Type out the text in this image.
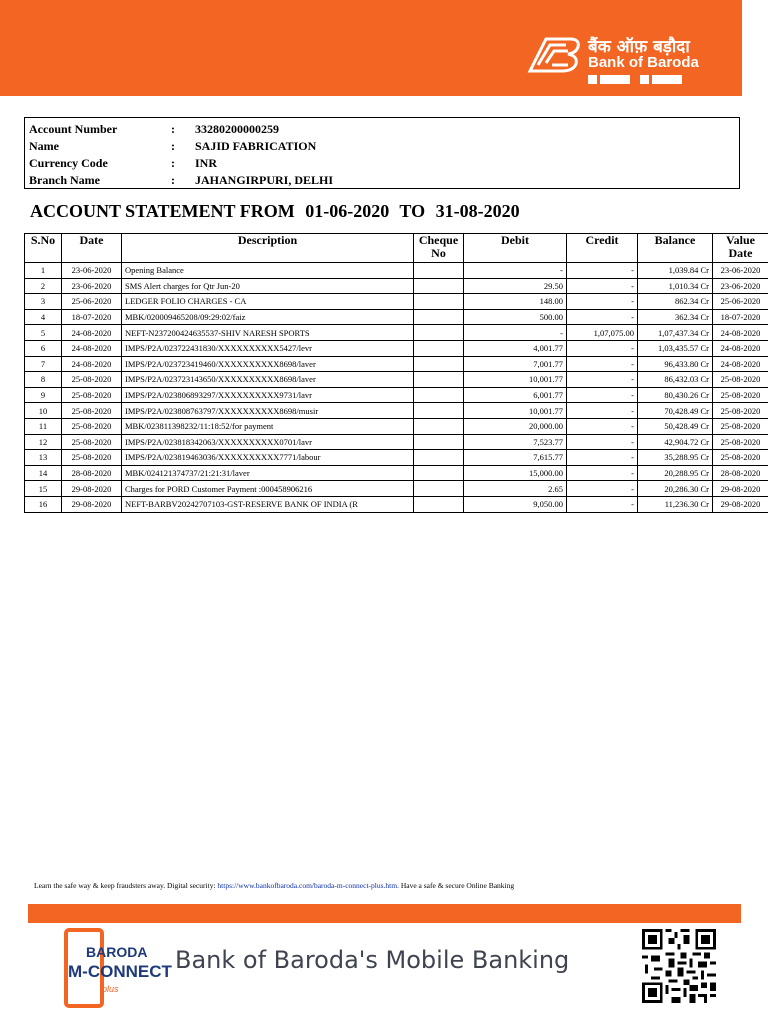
बैंक ऑफ़ बड़ौदा
Bank of Baroda
Account Number	: 33280200000259
Name	: SAJID FABRICATION
Currency Code	: INR
Branch Name	: JAHANGIRPURI, DELHI
ACCOUNT STATEMENT FROM 01-06-2020 TO 31-08-2020
S.No	Date	Description	Cheque No	Debit	Credit	Balance	Value Date
1	23-06-2020	Opening Balance		-	-	1,039.84 Cr	23-06-2020
2	23-06-2020	SMS Alert charges for Qtr Jun-20		29.50	-	1,010.34 Cr	23-06-2020
3	25-06-2020	LEDGER FOLIO CHARGES - CA		148.00	-	862.34 Cr	25-06-2020
4	18-07-2020	MBK/020009465208/09:29:02/faiz		500.00	-	362.34 Cr	18-07-2020
5	24-08-2020	NEFT-N237200424635537-SHIV NARESH SPORTS		-	1,07,075.00	1,07,437.34 Cr	24-08-2020
6	24-08-2020	IMPS/P2A/023722431830/XXXXXXXXXX5427/levr		4,001.77	-	1,03,435.57 Cr	24-08-2020
7	24-08-2020	IMPS/P2A/023723419460/XXXXXXXXXX8698/laver		7,001.77	-	96,433.80 Cr	24-08-2020
8	25-08-2020	IMPS/P2A/023723143650/XXXXXXXXXX8698/laver		10,001.77	-	86,432.03 Cr	25-08-2020
9	25-08-2020	IMPS/P2A/023806893297/XXXXXXXXXX9731/lavr		6,001.77	-	80,430.26 Cr	25-08-2020
10	25-08-2020	IMPS/P2A/023808763797/XXXXXXXXXX8698/musir		10,001.77	-	70,428.49 Cr	25-08-2020
11	25-08-2020	MBK/023811398232/11:18:52/for payment		20,000.00	-	50,428.49 Cr	25-08-2020
12	25-08-2020	IMPS/P2A/023818342063/XXXXXXXXXX0701/lavr		7,523.77	-	42,904.72 Cr	25-08-2020
13	25-08-2020	IMPS/P2A/023819463036/XXXXXXXXXX7771/labour		7,615.77	-	35,288.95 Cr	25-08-2020
14	28-08-2020	MBK/024121374737/21:21:31/laver		15,000.00	-	20,288.95 Cr	28-08-2020
15	29-08-2020	Charges for PORD Customer Payment :000458906216		2.65	-	20,286.30 Cr	29-08-2020
16	29-08-2020	NEFT-BARBV20242707103-GST-RESERVE BANK OF INDIA (R		9,050.00	-	11,236.30 Cr	29-08-2020
Learn the safe way & keep fraudsters away. Digital security: https://www.bankofbaroda.com/baroda-m-connect-plus.htm. Have a safe & secure Online Banking
BARODA
M-CONNECT
plus
Bank of Baroda's Mobile Banking
